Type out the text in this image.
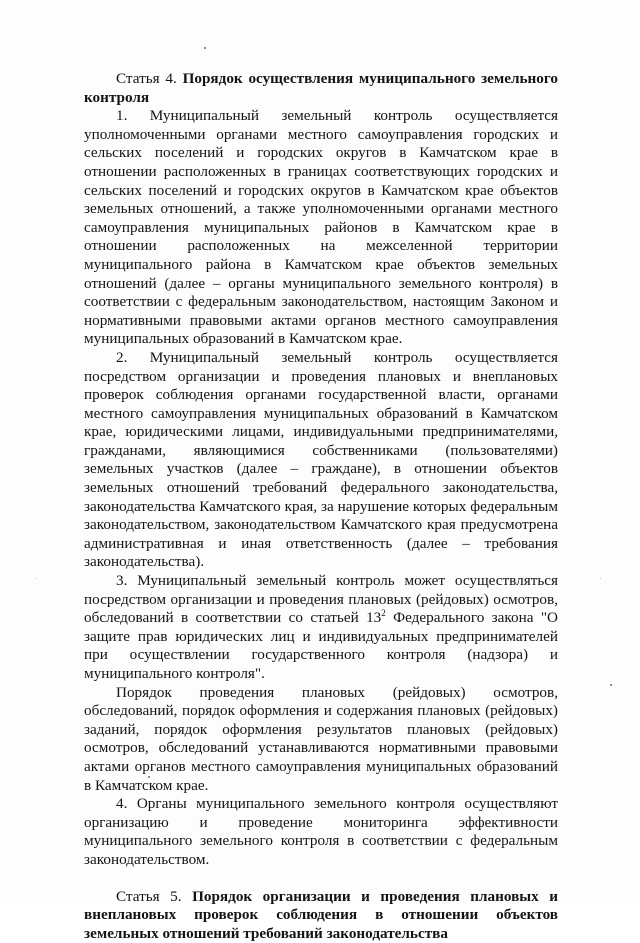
Статья 4. Порядок осуществления муниципального земельного контроля

1. Муниципальный земельный контроль осуществляется уполномоченными органами местного самоуправления городских и сельских поселений и городских округов в Камчатском крае в отношении расположенных в границах соответствующих городских и сельских поселений и городских округов в Камчатском крае объектов земельных отношений, а также уполномоченными органами местного самоуправления муниципальных районов в Камчатском крае в отношении расположенных на межселенной территории муниципального района в Камчатском крае объектов земельных отношений (далее – органы муниципального земельного контроля) в соответствии с федеральным законодательством, настоящим Законом и нормативными правовыми актами органов местного самоуправления муниципальных образований в Камчатском крае.

2. Муниципальный земельный контроль осуществляется посредством организации и проведения плановых и внеплановых проверок соблюдения органами государственной власти, органами местного самоуправления муниципальных образований в Камчатском крае, юридическими лицами, индивидуальными предпринимателями, гражданами, являющимися собственниками (пользователями) земельных участков (далее – граждане), в отношении объектов земельных отношений требований федерального законодательства, законодательства Камчатского края, за нарушение которых федеральным законодательством, законодательством Камчатского края предусмотрена административная и иная ответственность (далее – требования законодательства).

3. Муниципальный земельный контроль может осуществляться посредством организации и проведения плановых (рейдовых) осмотров, обследований в соответствии со статьей $13^2$ Федерального закона "О защите прав юридических лиц и индивидуальных предпринимателей при осуществлении государственного контроля (надзора) и муниципального контроля".

Порядок проведения плановых (рейдовых) осмотров, обследований, порядок оформления и содержания плановых (рейдовых) заданий, порядок оформления результатов плановых (рейдовых) осмотров, обследований устанавливаются нормативными правовыми актами органов местного самоуправления муниципальных образований в Камчатском крае.

4. Органы муниципального земельного контроля осуществляют организацию и проведение мониторинга эффективности муниципального земельного контроля в соответствии с федеральным законодательством.

Статья 5. Порядок организации и проведения плановых и внеплановых проверок соблюдения в отношении объектов земельных отношений требований законодательства
